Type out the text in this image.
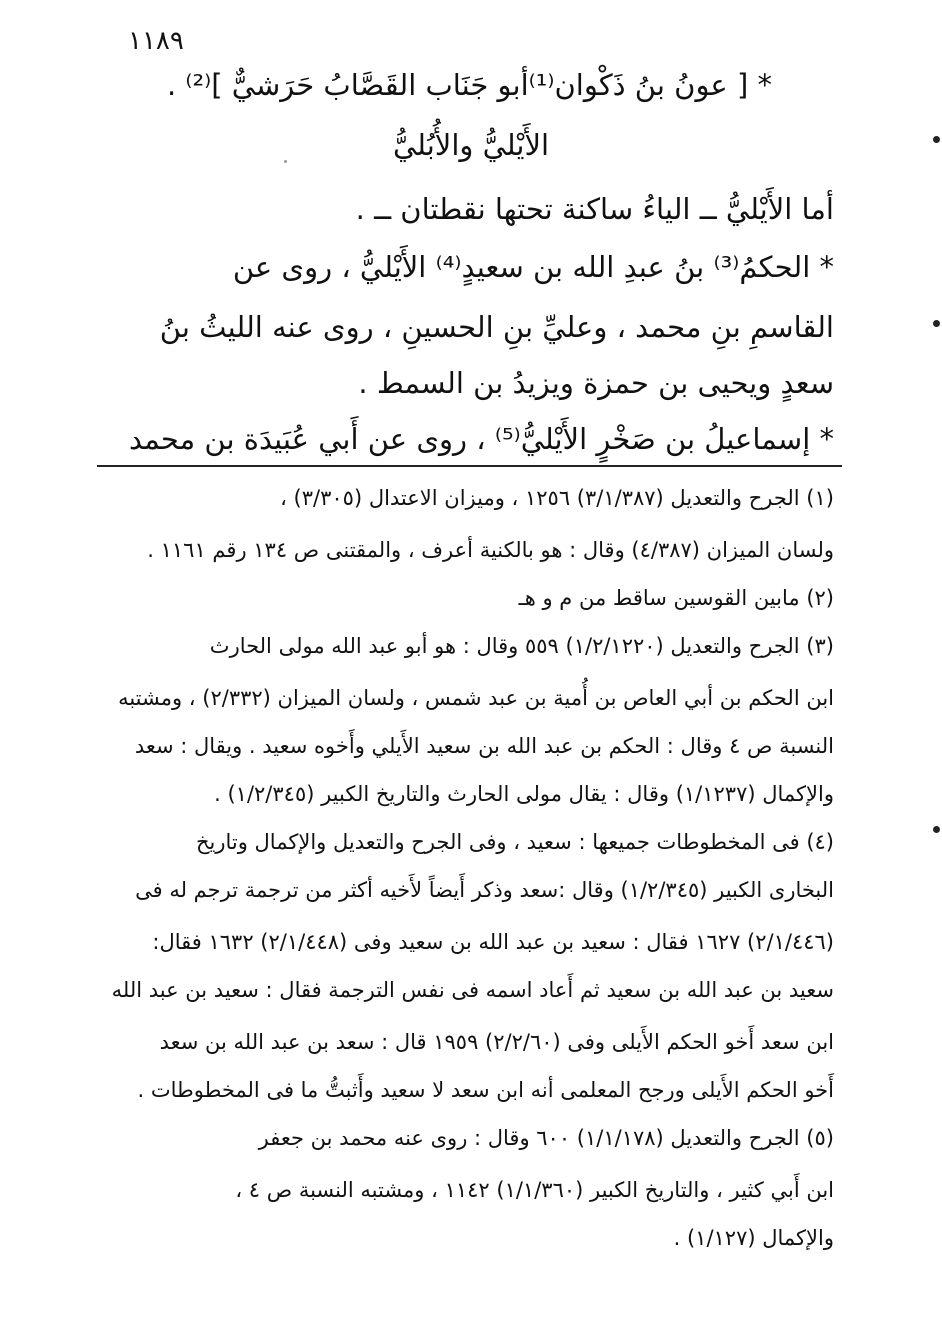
١١٨٩
* [ عونُ بنُ ذَكْوان⁽¹⁾أبو جَنَاب القَصَّابُ حَرَشيٌّ ]⁽²⁾ .
الأَيْليُّ والأُبُليُّ
أما الأَيْليُّ ــ الياءُ ساكنة تحتها نقطتان ــ .
* الحكمُ⁽³⁾ بنُ عبدِ الله بن سعيدٍ⁽⁴⁾ الأَيْليُّ ، روى عن
القاسمِ بنِ محمد ، وعليِّ بنِ الحسينِ ، روى عنه الليثُ بنُ
سعدٍ ويحيى بن حمزة ويزيدُ بن السمط .
* إسماعيلُ بن صَخْرٍ الأَيْليُّ⁽⁵⁾ ، روى عن أَبي عُبَيدَة بن محمد
(١) الجرح والتعديل (٣/١/٣٨٧) ١٢٥٦ ، وميزان الاعتدال (٣/٣٠٥) ،
ولسان الميزان (٤/٣٨٧) وقال : هو بالكنية أعرف ، والمقتنى ص ١٣٤ رقم ١١٦١ .
(٢) مابين القوسين ساقط من م و هـ
(٣) الجرح والتعديل (١/٢/١٢٢٠) ٥٥٩ وقال : هو أبو عبد الله مولى الحارث
ابن الحكم بن أبي العاص بن أُمية بن عبد شمس ، ولسان الميزان (٢/٣٣٢) ، ومشتبه
النسبة ص ٤ وقال : الحكم بن عبد الله بن سعيد الأَيلي وأَخوه سعيد . ويقال : سعد
والإكمال (١/١٢٣٧) وقال : يقال مولى الحارث والتاريخ الكبير (١/٢/٣٤٥) .
(٤) فى المخطوطات جميعها : سعيد ، وفى الجرح والتعديل والإكمال وتاريخ
البخارى الكبير (١/٢/٣٤٥) وقال :سعد وذكر أَيضاً لأَخيه أكثر من ترجمة ترجم له فى
(٢/١/٤٤٦) ١٦٢٧ فقال : سعيد بن عبد الله بن سعيد وفى (٢/١/٤٤٨) ١٦٣٢ فقال:
سعيد بن عبد الله بن سعيد ثم أَعاد اسمه فى نفس الترجمة فقال : سعيد بن عبد الله
ابن سعد أَخو الحكم الأَيلى وفى (٢/٢/٦٠) ١٩٥٩ قال : سعد بن عبد الله بن سعد
أَخو الحكم الأَيلى ورجح المعلمى أنه ابن سعد لا سعيد وأَثبتُّ ما فى المخطوطات .
(٥) الجرح والتعديل (١/١/١٧٨) ٦٠٠ وقال : روى عنه محمد بن جعفر
ابن أَبي كثير ، والتاريخ الكبير (١/١/٣٦٠) ١١٤٢ ، ومشتبه النسبة ص ٤ ،
والإكمال (١/١٢٧) .
